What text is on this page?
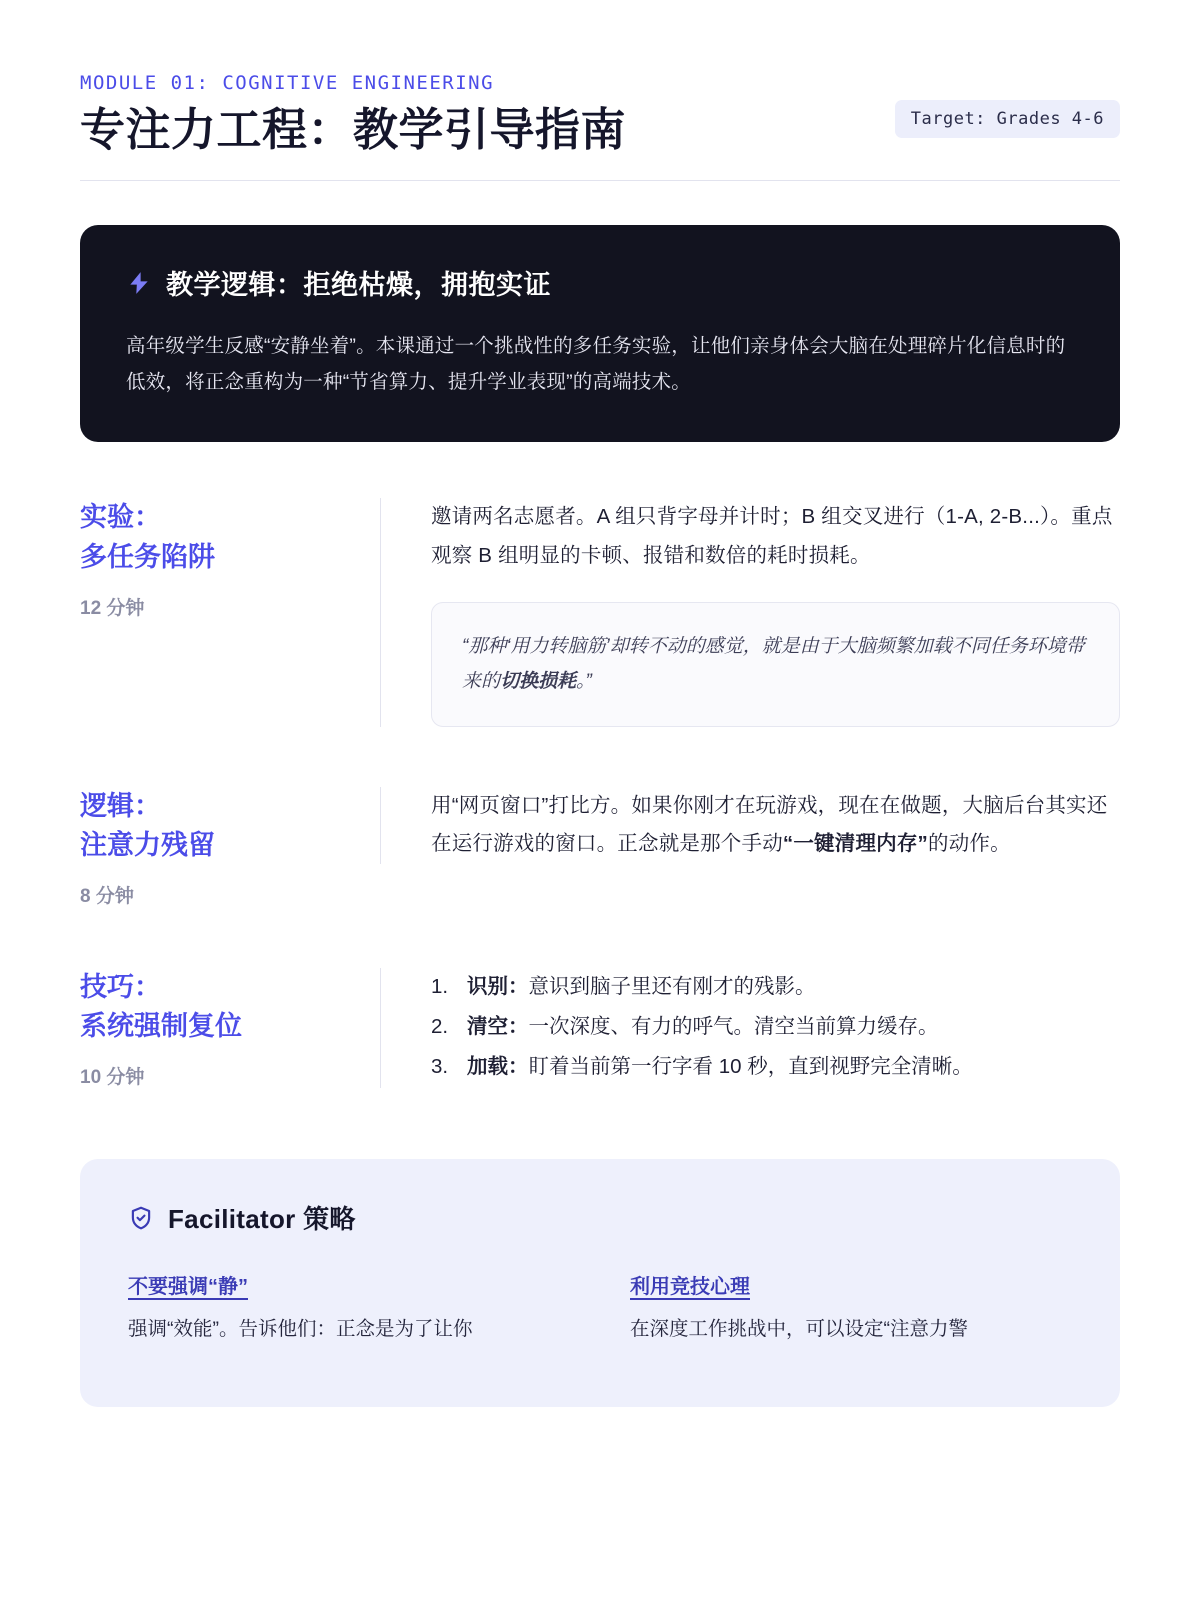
MODULE 01: COGNITIVE ENGINEERING

专注力工程：教学引导指南	Target: Grades 4-6
教学逻辑：拒绝枯燥，拥抱实证

高年级学生反感“安静坐着”。本课通过一个挑战性的多任务实验，让他们亲身体会大脑在处理碎片化信息时的低效，将正念重构为一种“节省算力、提升学业表现”的高端技术。

实验：
多任务陷阱
12 分钟

邀请两名志愿者。A 组只背字母并计时；B 组交叉进行（1-A, 2-B...）。重点观察 B 组明显的卡顿、报错和数倍的耗时损耗。

“那种‘用力转脑筋’却转不动的感觉，就是由于大脑频繁加载不同任务环境带来的切换损耗。”

逻辑：
注意力残留
8 分钟

用“网页窗口”打比方。如果你刚才在玩游戏，现在在做题，大脑后台其实还在运行游戏的窗口。正念就是那个手动“一键清理内存”的动作。

技巧：
系统强制复位
10 分钟
识别：意识到脑子里还有刚才的残影。
清空：一次深度、有力的呼气。清空当前算力缓存。
加载：盯着当前第一行字看 10 秒，直到视野完全清晰。
Facilitator 策略
不要强调“静”

强调“效能”。告诉他们：正念是为了让你

利用竞技心理

在深度工作挑战中，可以设定“注意力警
